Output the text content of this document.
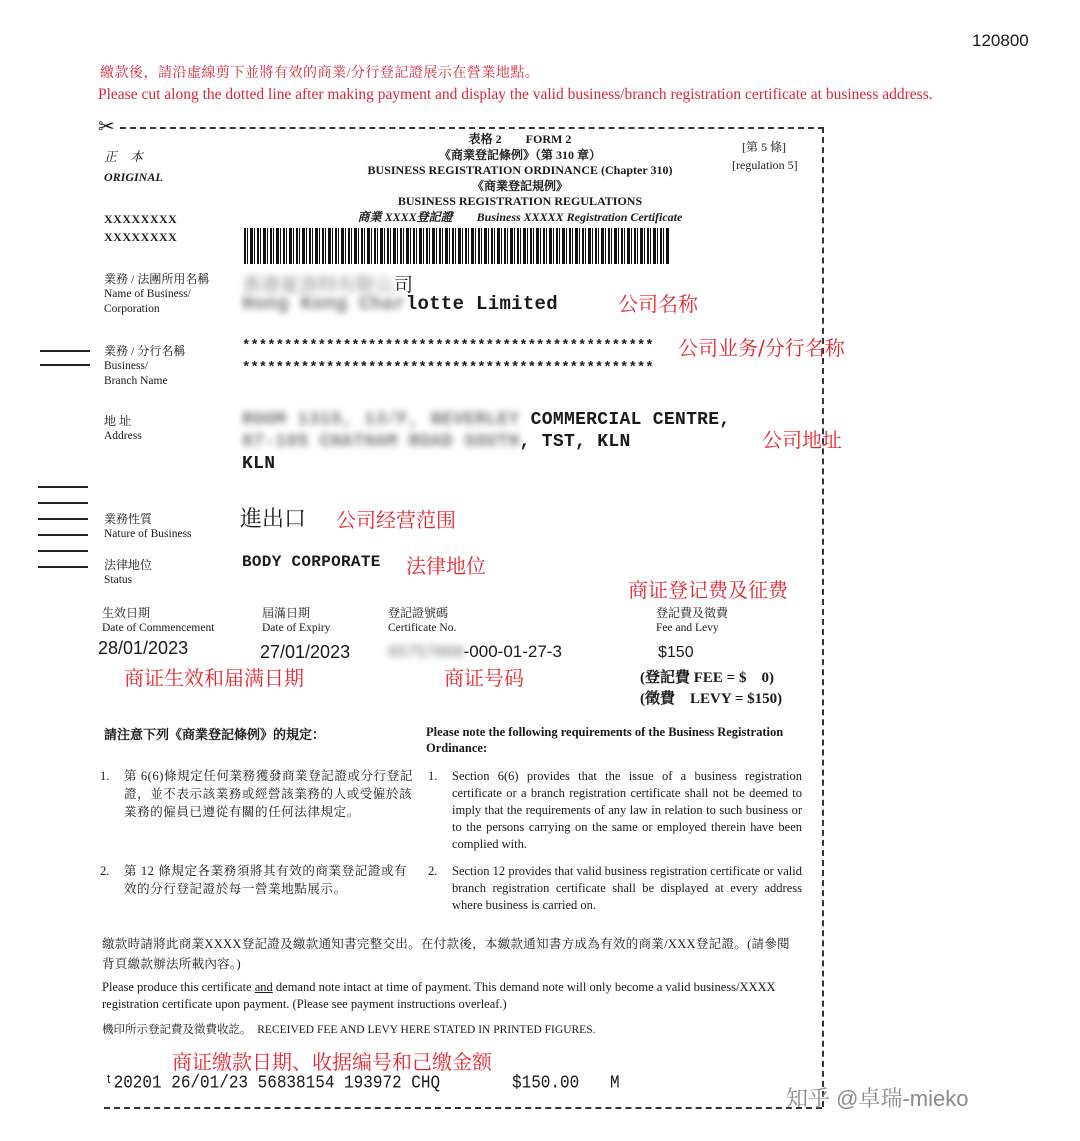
120800
繳款後，請沿虛線剪下並將有效的商業/分行登記證展示在營業地點。
Please cut along the dotted line after making payment and display the valid business/branch registration certificate at business address.
✂
正　本
ORIGINAL
XXXXXXXX
XXXXXXXX
表格 2　　FORM 2
《商業登記條例》（第 310 章）
BUSINESS REGISTRATION ORDINANCE (Chapter 310)
《商業登記規例》
BUSINESS REGISTRATION REGULATIONS
商業 XXXX登記證　　Business XXXXX Registration Certificate
[第 5 條]
[regulation 5]
業務 / 法團所用名稱
Name of Business/
Corporation
香港夏洛特有限公司
Hong Kong Charlotte Limited
業務 / 分行名稱
Business/
Branch Name
*************************************************
*************************************************
地 址
Address
ROOM 1315, 13/F, BEVERLEY COMMERCIAL CENTRE,
87-105 CHATHAM ROAD SOUTH, TST, KLN
KLN
業務性質
Nature of Business
進出口
法律地位
Status
BODY CORPORATE
生效日期
Date of Commencement
28/01/2023
屆滿日期
Date of Expiry
27/01/2023
登記證號碼
Certificate No.
65757868-000-01-27-3
登記費及徵費
Fee and Levy
$150
(登記費 FEE = $　0)
(徵費　LEVY = $150)
請注意下列《商業登記條例》的規定：	Please note the following requirements of the Business Registration Ordinance:
1. 第 6(6)條規定任何業務獲發商業登記證或分行登記證，並不表示該業務或經營該業務的人或受僱於該業務的僱員已遵從有關的任何法律規定。
1. Section 6(6) provides that the issue of a business registration certificate or a branch registration certificate shall not be deemed to imply that the requirements of any law in relation to such business or to the persons carrying on the same or employed therein have been complied with.
2. 第 12 條規定各業務須將其有效的商業登記證或有效的分行登記證於每一營業地點展示。
2. Section 12 provides that valid business registration certificate or valid branch registration certificate shall be displayed at every address where business is carried on.
繳款時請將此商業XXXX登記證及繳款通知書完整交出。在付款後，本繳款通知書方成為有效的商業/XXX登記證。(請參閱背頁繳款辦法所載內容。)
Please produce this certificate and demand note intact at time of payment. This demand note will only become a valid business/XXXX registration certificate upon payment. (Please see payment instructions overleaf.)
機印所示登記費及徵費收訖。　RECEIVED FEE AND LEVY HERE STATED IN PRINTED FIGURES.
ᵗ20201 26/01/23 56838154 193972 CHQ	$150.00 M
公司名称
公司业务/分行名称
公司地址
公司经营范围
法律地位
商证登记费及征费
商证生效和届满日期	商证号码
商证缴款日期、收据编号和己缴金额
知乎 @卓瑞-mieko
